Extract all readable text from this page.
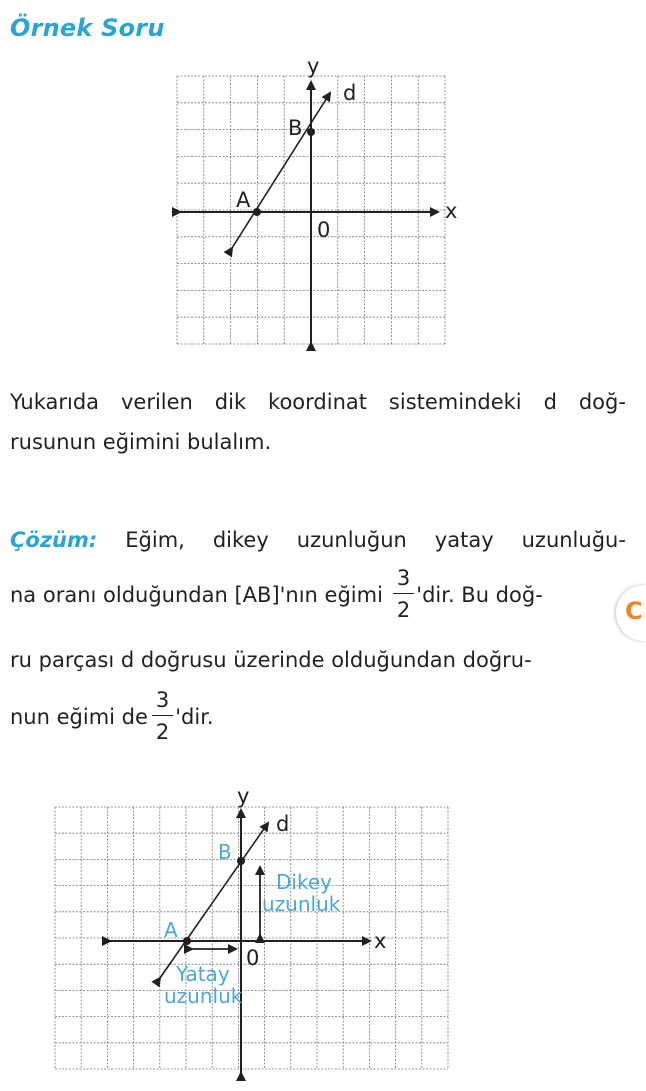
Örnek Soru
y
x
0
d
A
B
Yukarıda verilen dik koordinat sistemindeki d doğ-
rusunun eğimini bulalım.
Çözüm: Eğim, dikey uzunluğun yatay uzunluğu-
na oranı olduğundan [AB]'nın eğimi $\frac{3}{2}$ 'dir. Bu doğ-
ru parçası d doğrusu üzerinde olduğundan doğru-
nun eğimi de $\frac{3}{2}$ 'dir.
C
y
x
0
d
A
B
Dikey
uzunluk
Yatay
uzunluk
